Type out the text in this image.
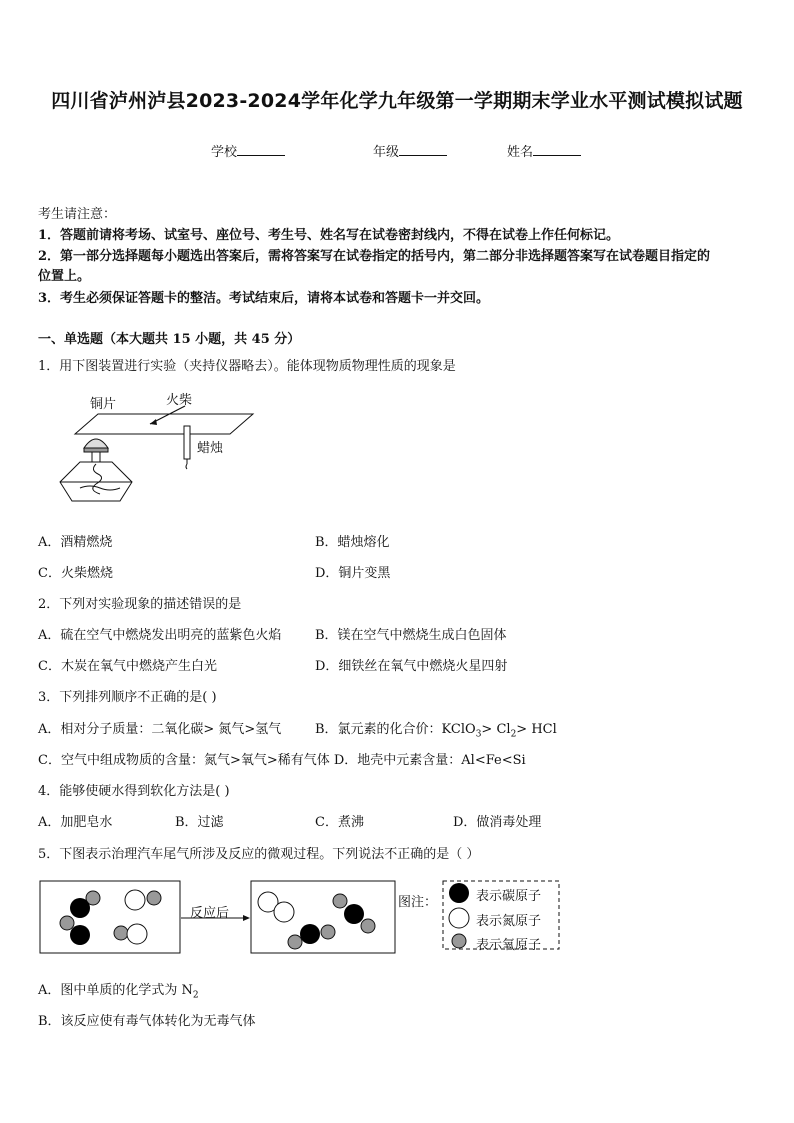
四川省泸州泸县2023-2024学年化学九年级第一学期期末学业水平测试模拟试题
学校	年级	姓名
考生请注意：
1．答题前请将考场、试室号、座位号、考生号、姓名写在试卷密封线内，不得在试卷上作任何标记。
2．第一部分选择题每小题选出答案后，需将答案写在试卷指定的括号内，第二部分非选择题答案写在试卷题目指定的
位置上。
3．考生必须保证答题卡的整洁。考试结束后，请将本试卷和答题卡一并交回。
一、单选题（本大题共 15 小题，共 45 分）
1．用下图装置进行实验（夹持仪器略去）。能体现物质物理性质的现象是
铜片	火柴
蜡烛
A．酒精燃烧	B．蜡烛熔化
C．火柴燃烧	D．铜片变黑
2．下列对实验现象的描述错误的是
A．硫在空气中燃烧发出明亮的蓝紫色火焰	B．镁在空气中燃烧生成白色固体
C．木炭在氧气中燃烧产生白光	D．细铁丝在氧气中燃烧火星四射
3．下列排列顺序不正确的是( )
A．相对分子质量：二氧化碳> 氮气>氢气	B．氯元素的化合价：KClO$_3$> $Cl_2>$ HCl
C．空气中组成物质的含量：氮气>氧气>稀有气体 D．地壳中元素含量：Al<Fe<Si
4．能够使硬水得到软化方法是( )
A．加肥皂水	B．过滤	C．煮沸	D．做消毒处理
5．下图表示治理汽车尾气所涉及反应的微观过程。下列说法不正确的是（ ）
反应后
图注：	表示碳原子
表示氮原子
表示氧原子
A．图中单质的化学式为 $N_2$
B．该反应使有毒气体转化为无毒气体
